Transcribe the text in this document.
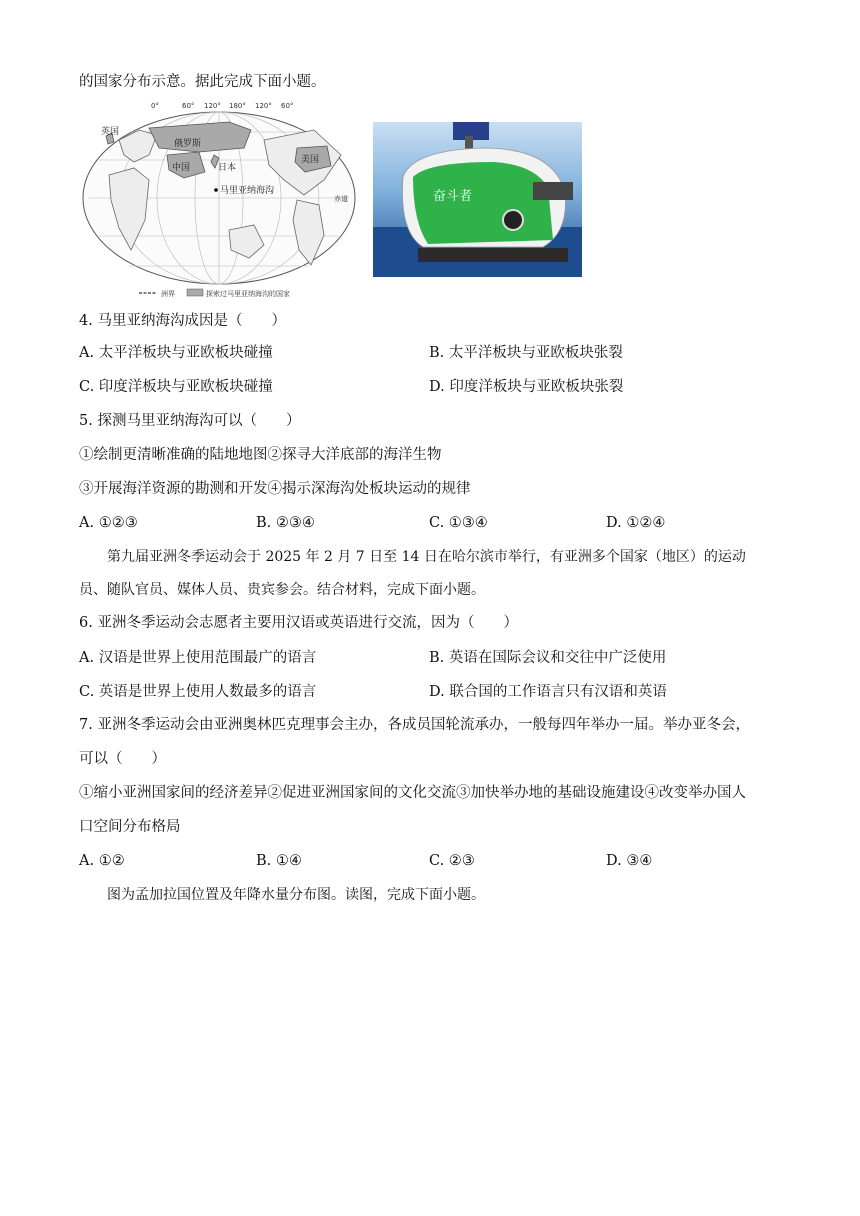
的国家分布示意。据此完成下面小题。
0°	60° 120° 180° 120° 60°
英国
俄罗斯
中国	日本
美国
马里亚纳海沟
赤道
洲界	探索过马里亚纳海沟的国家
奋斗者
4. 马里亚纳海沟成因是（　　）
A. 太平洋板块与亚欧板块碰撞	B. 太平洋板块与亚欧板块张裂
C. 印度洋板块与亚欧板块碰撞	D. 印度洋板块与亚欧板块张裂
5. 探测马里亚纳海沟可以（　　）
①绘制更清晰准确的陆地地图②探寻大洋底部的海洋生物
③开展海洋资源的勘测和开发④揭示深海沟处板块运动的规律
A. ①②③	B. ②③④	C. ①③④	D. ①②④
第九届亚洲冬季运动会于 2025 年 2 月 7 日至 14 日在哈尔滨市举行，有亚洲多个国家（地区）的运动
员、随队官员、媒体人员、贵宾参会。结合材料，完成下面小题。
6. 亚洲冬季运动会志愿者主要用汉语或英语进行交流，因为（　　）
A. 汉语是世界上使用范围最广的语言	B. 英语在国际会议和交往中广泛使用
C. 英语是世界上使用人数最多的语言	D. 联合国的工作语言只有汉语和英语
7. 亚洲冬季运动会由亚洲奥林匹克理事会主办，各成员国轮流承办，一般每四年举办一届。举办亚冬会，
可以（　　）
①缩小亚洲国家间的经济差异②促进亚洲国家间的文化交流③加快举办地的基础设施建设④改变举办国人
口空间分布格局
A. ①②	B. ①④	C. ②③	D. ③④
图为孟加拉国位置及年降水量分布图。读图，完成下面小题。
